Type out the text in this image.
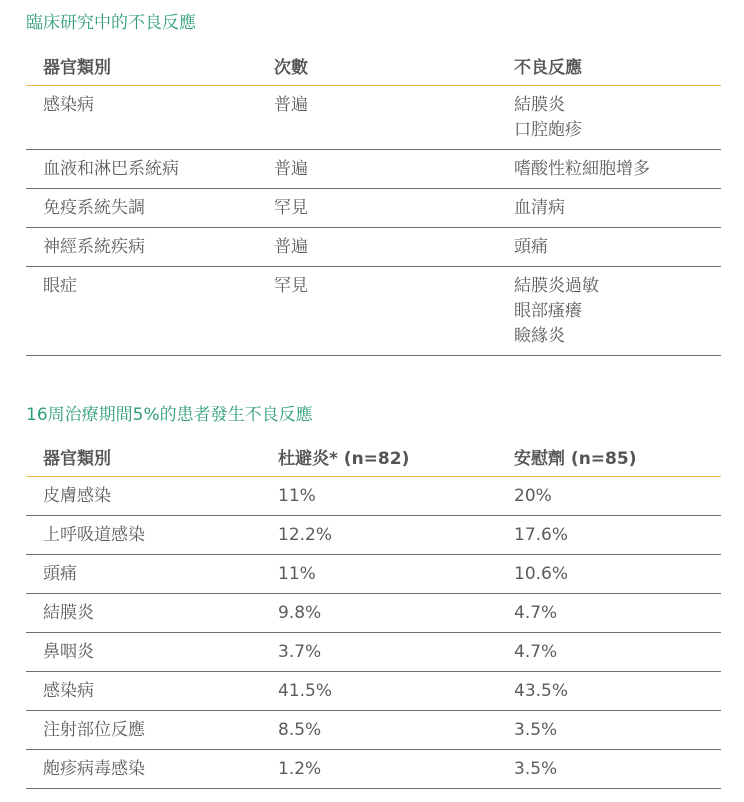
臨床研究中的不良反應
器官類別	次數	不良反應
感染病	普遍	結膜炎
口腔皰疹

血液和淋巴系統病	普遍	嗜酸性粒細胞增多

免疫系統失調	罕見	血清病

神經系統疾病	普遍	頭痛

眼症	罕見	結膜炎過敏
眼部瘙癢
瞼緣炎
16周治療期間5%的患者發生不良反應
器官類別	杜避炎* (n=82)	安慰劑 (n=85)
皮膚感染	11%	20%
上呼吸道感染	12.2%	17.6%
頭痛	11%	10.6%
結膜炎	9.8%	4.7%
鼻咽炎	3.7%	4.7%
感染病	41.5%	43.5%
注射部位反應	8.5%	3.5%
皰疹病毒感染	1.2%	3.5%
